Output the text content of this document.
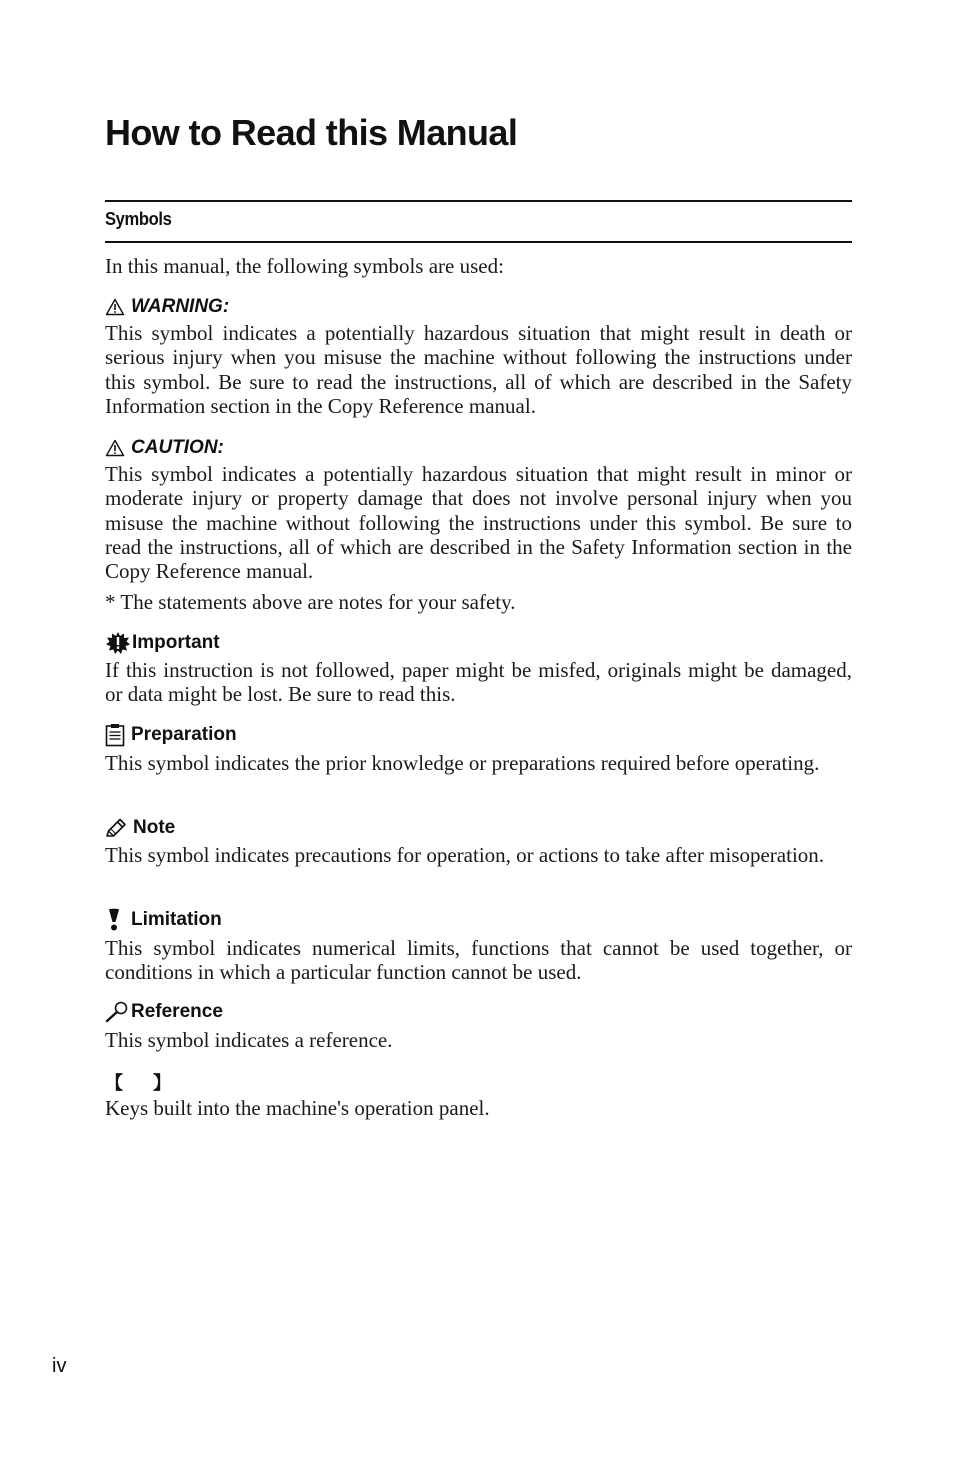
How to Read this Manual
Symbols

In this manual, the following symbols are used:

WARNING:

This symbol indicates a potentially hazardous situation that might result in death or serious injury when you misuse the machine without following the instructions under this symbol. Be sure to read the instructions, all of which are described in the Safety Information section in the Copy Reference manual.

CAUTION:

This symbol indicates a potentially hazardous situation that might result in minor or moderate injury or property damage that does not involve personal injury when you misuse the machine without following the instructions under this symbol. Be sure to read the instructions, all of which are described in the Safety Information section in the Copy Reference manual.

* The statements above are notes for your safety.

Important

If this instruction is not followed, paper might be misfed, originals might be damaged, or data might be lost. Be sure to read this.

Preparation

This symbol indicates the prior knowledge or preparations required before operating.

Note

This symbol indicates precautions for operation, or actions to take after misoperation.

Limitation

This symbol indicates numerical limits, functions that cannot be used together, or conditions in which a particular function cannot be used.

Reference

This symbol indicates a reference.

【 】

Keys built into the machine's operation panel.

iv
